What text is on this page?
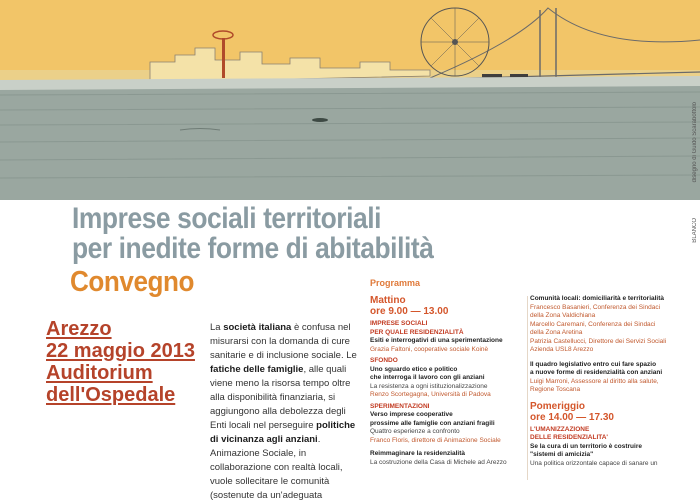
disegno di Guido Scarabottolo
BLANCO
Imprese sociali territoriali
per inedite forme di abitabilità
Convegno
Arezzo
22 maggio 2013
Auditorium
dell'Ospedale
La società italiana è confusa nel misurarsi con la domanda di cure sanitarie e di inclusione sociale. Le fatiche delle famiglie, alle quali viene meno la risorsa tempo oltre alla disponibilità finanziaria, si aggiungono alla debolezza degli Enti locali nel perseguire politiche di vicinanza agli anziani. Animazione Sociale, in collaborazione con realtà locali, vuole sollecitare le comunità (sostenute da un'adeguata
Programma
Mattino
ore 9.00 — 13.00
IMPRESE SOCIALI
PER QUALE RESIDENZIALITÀ
Esiti e interrogativi di una sperimentazione
Grazia Faltoni, cooperative sociale Koinè
SFONDO
Uno sguardo etico e politico
che interroga il lavoro con gli anziani
La resistenza a ogni istituzionalizzazione
Renzo Scortegagna, Università di Padova
SPERIMENTAZIONI
Verso imprese cooperative
prossime alle famiglie con anziani fragili
Quattro esperienze a confronto
Franco Floris, direttore di Animazione Sociale
Reimmaginare la residenzialità
La costruzione della Casa di Michele ad Arezzo
Comunità locali: domiciliarità e territorialità
Francesco Basanieri, Conferenza dei Sindaci
della Zona Valdichiana
Marcello Caremani, Conferenza dei Sindaci
della Zona Aretina
Patrizia Castellucci, Direttore dei Servizi Sociali
Azienda USL8 Arezzo
Il quadro legislativo entro cui fare spazio
a nuove forme di residenzialità con anziani
Luigi Marroni, Assessore al diritto alla salute,
Regione Toscana
Pomeriggio
ore 14.00 — 17.30
L'UMANIZZAZIONE
DELLE RESIDENZIALITA'
Se la cura di un territorio è costruire
"sistemi di amicizia"
Una politica orizzontale capace di sanare un
